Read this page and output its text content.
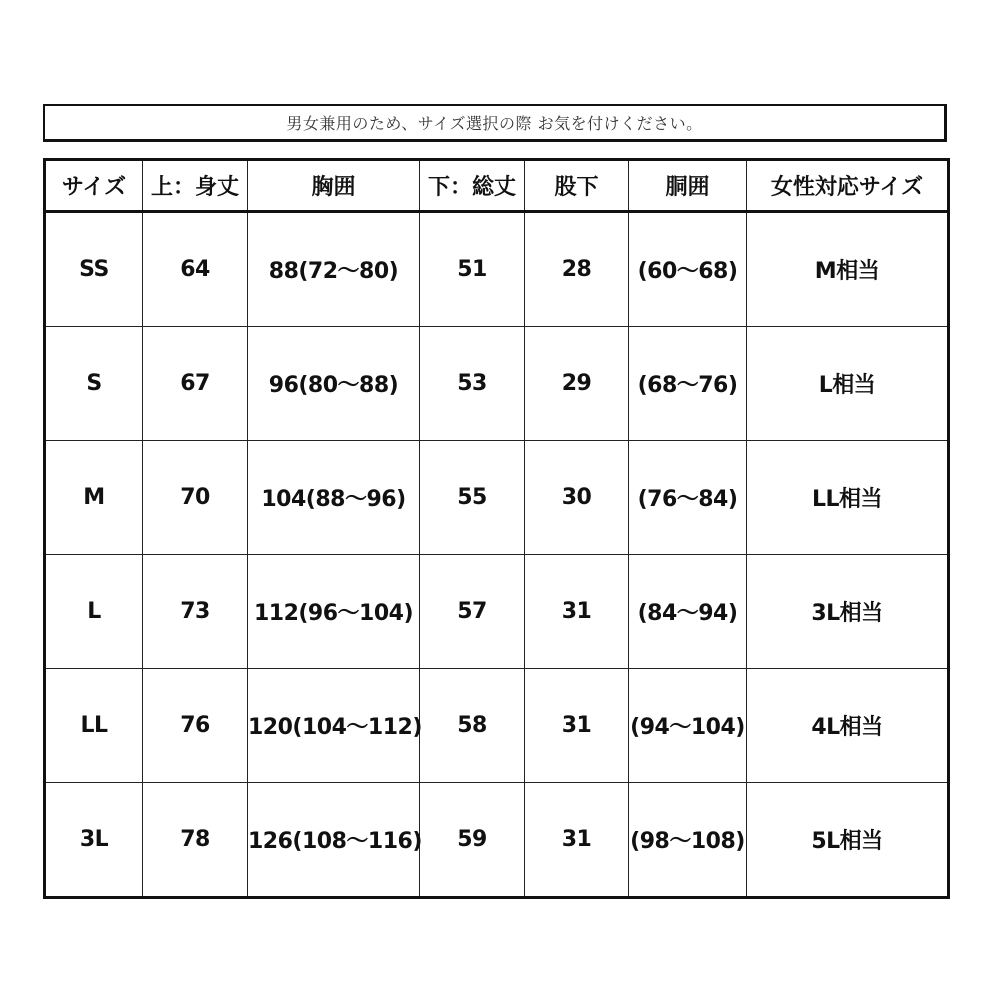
男女兼用のため、サイズ選択の際 お気を付けください。
サイズ	上：身丈	胸囲	下：総丈	股下	胴囲	女性対応サイズ
SS	64	88(72〜80)	51	28	(60〜68)	M相当
S	67	96(80〜88)	53	29	(68〜76)	L相当
M	70	104(88〜96)	55	30	(76〜84)	LL相当
L	73	112(96〜104)	57	31	(84〜94)	3L相当
LL	76	120(104〜112)	58	31	(94〜104)	4L相当
3L	78	126(108〜116)	59	31	(98〜108)	5L相当
